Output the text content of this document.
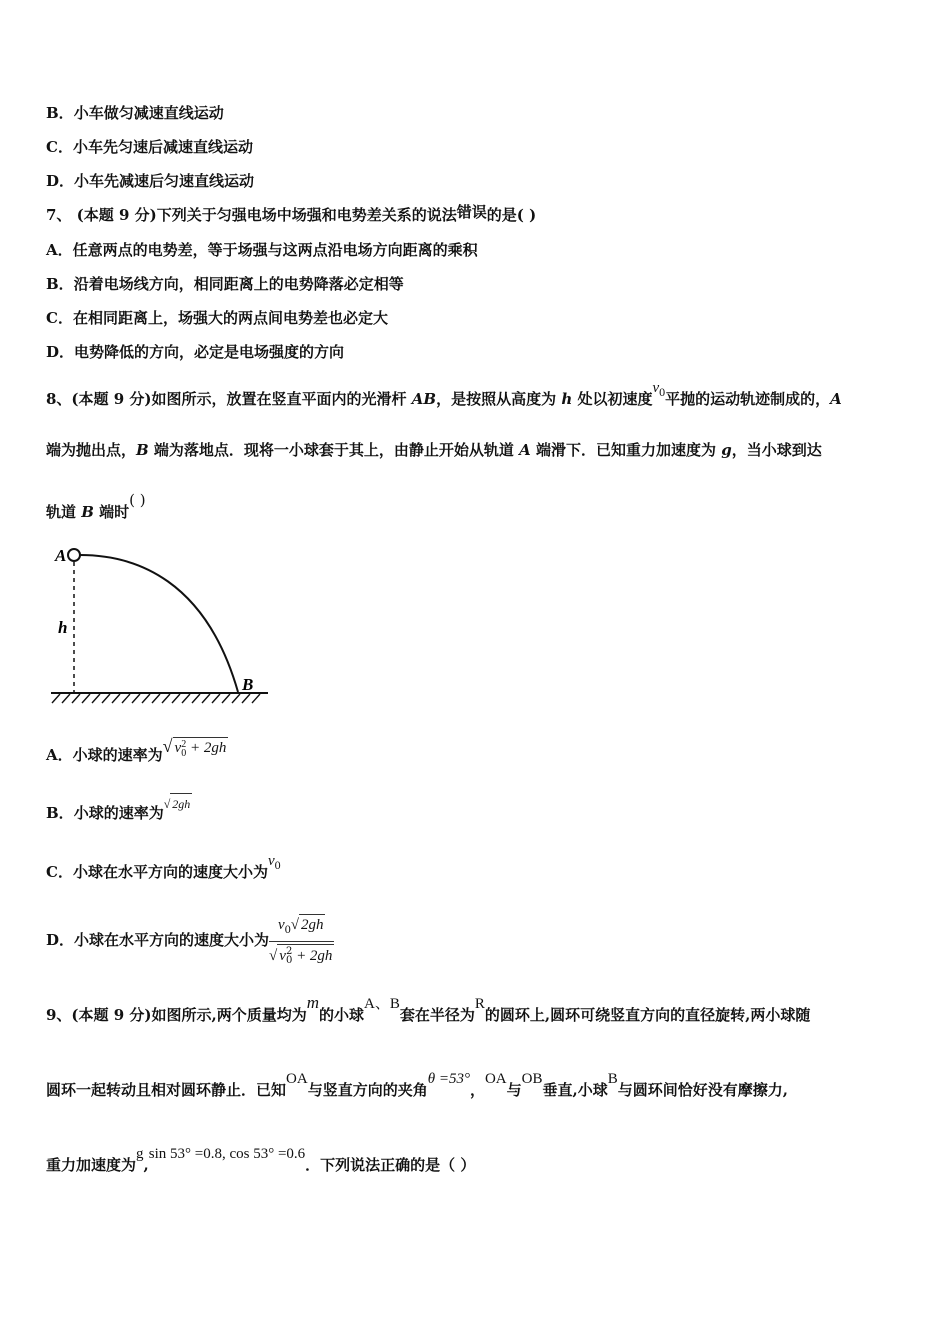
B．小车做匀减速直线运动
C．小车先匀速后减速直线运动
D．小车先减速后匀速直线运动
7、 (本题 9 分)下列关于匀强电场中场强和电势差关系的说法错误的是( )
A．任意两点的电势差，等于场强与这两点沿电场方向距离的乘积
B．沿着电场线方向，相同距离上的电势降落必定相等
C．在相同距离上，场强大的两点间电势差也必定大
D．电势降低的方向，必定是电场强度的方向
8、(本题 9 分)如图所示，放置在竖直平面内的光滑杆 AB，是按照从高度为 h 处以初速度$v_0$平抛的运动轨迹制成的，A
端为抛出点，B 端为落地点．现将一小球套于其上，由静止开始从轨道 A 端滑下．已知重力加速度为 g，当小球到达
轨道 B 端时( )
A
h
B
A．小球的速率为√ v 2
0 + 2gh
B．小球的速率为√ 2gh
C．小球在水平方向的速度大小为$v_0$
D． 小球在水平方向的速度大小为 $v_0√$ 2gh
√ v 2
0 + 2gh
9、(本题 9 分)如图所示,两个质量均为m的小球A、B套在半径为R的圆环上,圆环可绕竖直方向的直径旋转,两小球随
圆环一起转动且相对圆环静止．已知OA与竖直方向的夹角θ =53°，OA与OB垂直,小球B与圆环间恰好没有摩擦力,
重力加速度为g,sin 53° =0.8, cos 53° =0.6．下列说法正确的是（ ）
